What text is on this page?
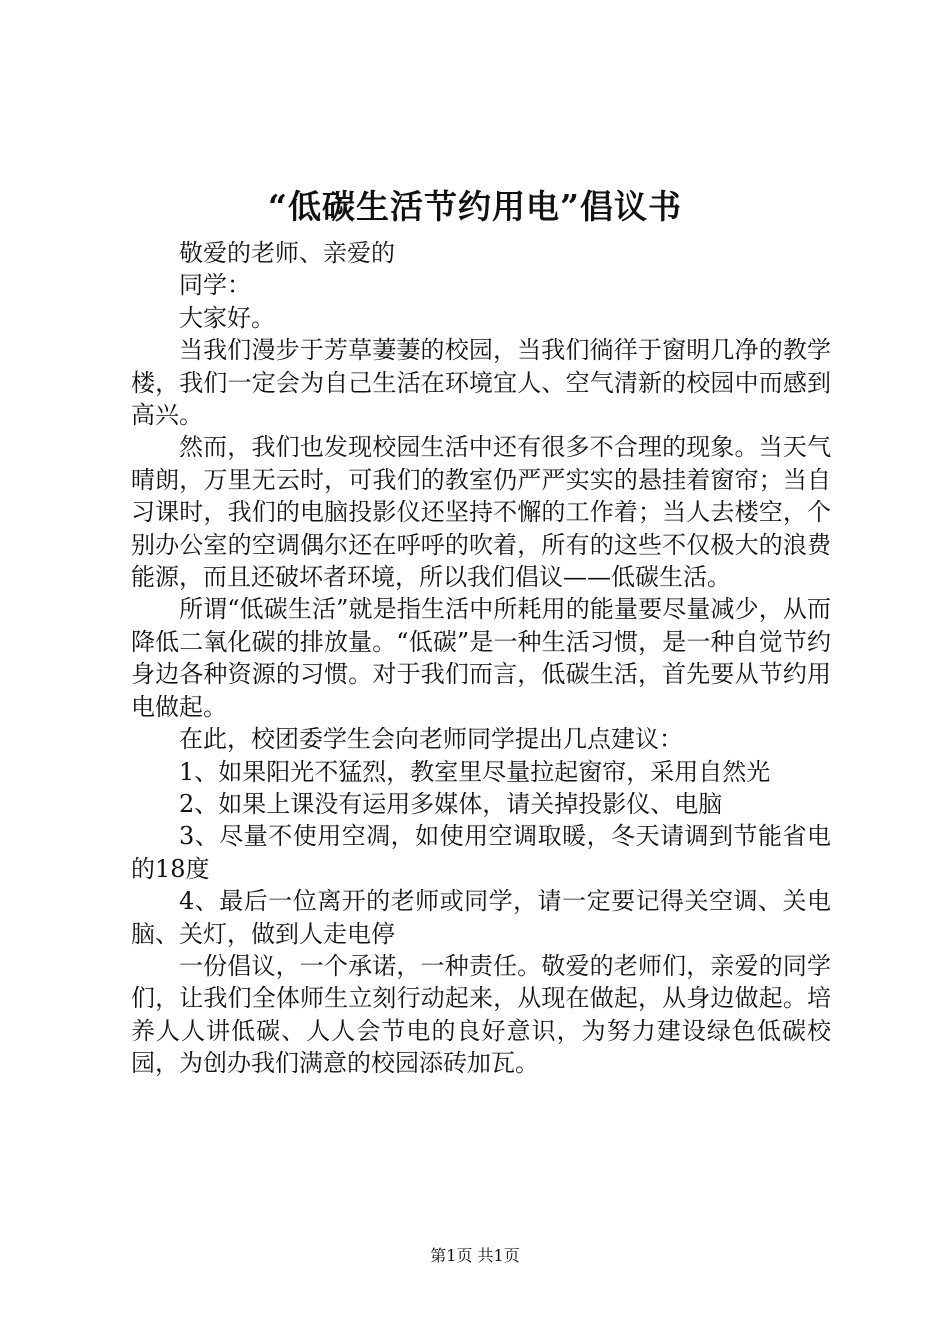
“低碳生活节约用电”倡议书

敬爱的老师、亲爱的

同学：

大家好。

当我们漫步于芳草萋萋的校园，当我们徜徉于窗明几净的教学楼，我们一定会为自己生活在环境宜人、空气清新的校园中而感到高兴。

然而，我们也发现校园生活中还有很多不合理的现象。当天气晴朗，万里无云时，可我们的教室仍严严实实的悬挂着窗帘；当自习课时，我们的电脑投影仪还坚持不懈的工作着；当人去楼空，个别办公室的空调偶尔还在呼呼的吹着，所有的这些不仅极大的浪费能源，而且还破坏者环境，所以我们倡议——低碳生活。

所谓“低碳生活”就是指生活中所耗用的能量要尽量减少，从而降低二氧化碳的排放量。“低碳”是一种生活习惯，是一种自觉节约身边各种资源的习惯。对于我们而言，低碳生活，首先要从节约用电做起。

在此，校团委学生会向老师同学提出几点建议：

1、如果阳光不猛烈，教室里尽量拉起窗帘，采用自然光

2、如果上课没有运用多媒体，请关掉投影仪、电脑

3、尽量不使用空凋，如使用空调取暖，冬天请调到节能省电的18度

4、最后一位离开的老师或同学，请一定要记得关空调、关电脑、关灯，做到人走电停

一份倡议，一个承诺，一种责任。敬爱的老师们，亲爱的同学们，让我们全体师生立刻行动起来，从现在做起，从身边做起。培养人人讲低碳、人人会节电的良好意识，为努力建设绿色低碳校园，为创办我们满意的校园添砖加瓦。

第1页 共1页
